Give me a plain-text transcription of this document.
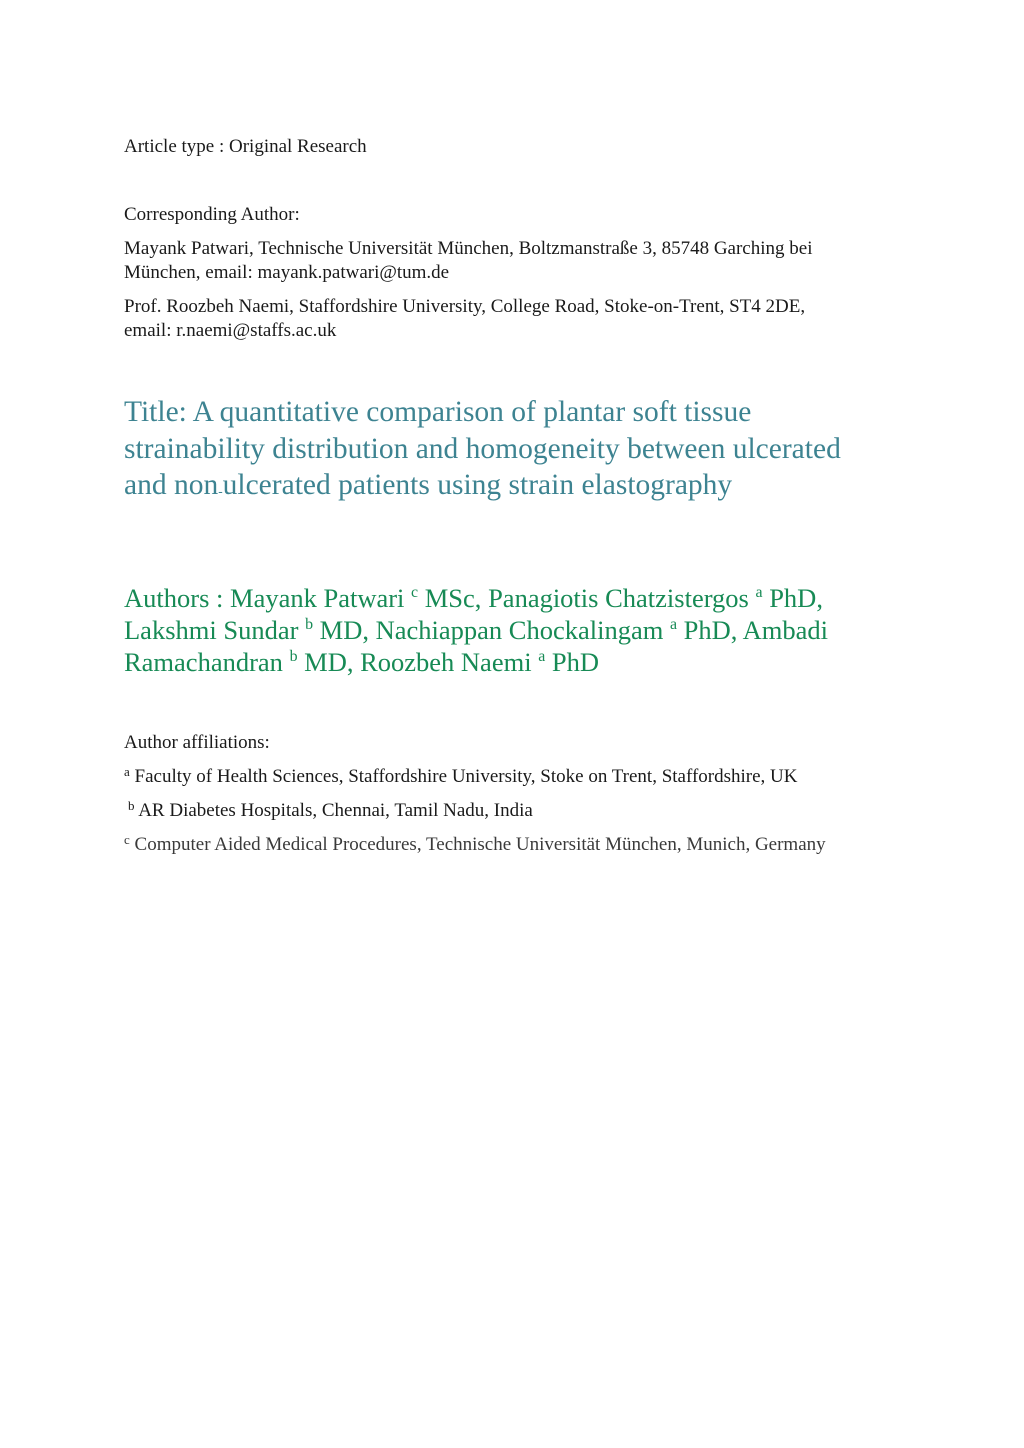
Article type : Original Research
Corresponding Author:
Mayank Patwari, Technische Universität München, Boltzmanstraße 3, 85748 Garching bei
München, email: mayank.patwari@tum.de
Prof. Roozbeh Naemi, Staffordshire University, College Road, Stoke-on-Trent, ST4 2DE,
email: r.naemi@staffs.ac.uk
Title: A quantitative comparison of plantar soft tissue
strainability distribution and homogeneity between ulcerated
and non-ulcerated patients using strain elastography
Authors : Mayank Patwari $^c$ MSc, Panagiotis Chatzistergos $^a$ PhD,
Lakshmi Sundar $^b$ MD, Nachiappan Chockalingam $^a$ PhD, Ambadi
Ramachandran $^b$ MD, Roozbeh Naemi $^a$ PhD
Author affiliations:
$^a$ Faculty of Health Sciences, Staffordshire University, Stoke on Trent, Staffordshire, UK
$^b$ AR Diabetes Hospitals, Chennai, Tamil Nadu, India
$^c$ Computer Aided Medical Procedures, Technische Universität München, Munich, Germany
